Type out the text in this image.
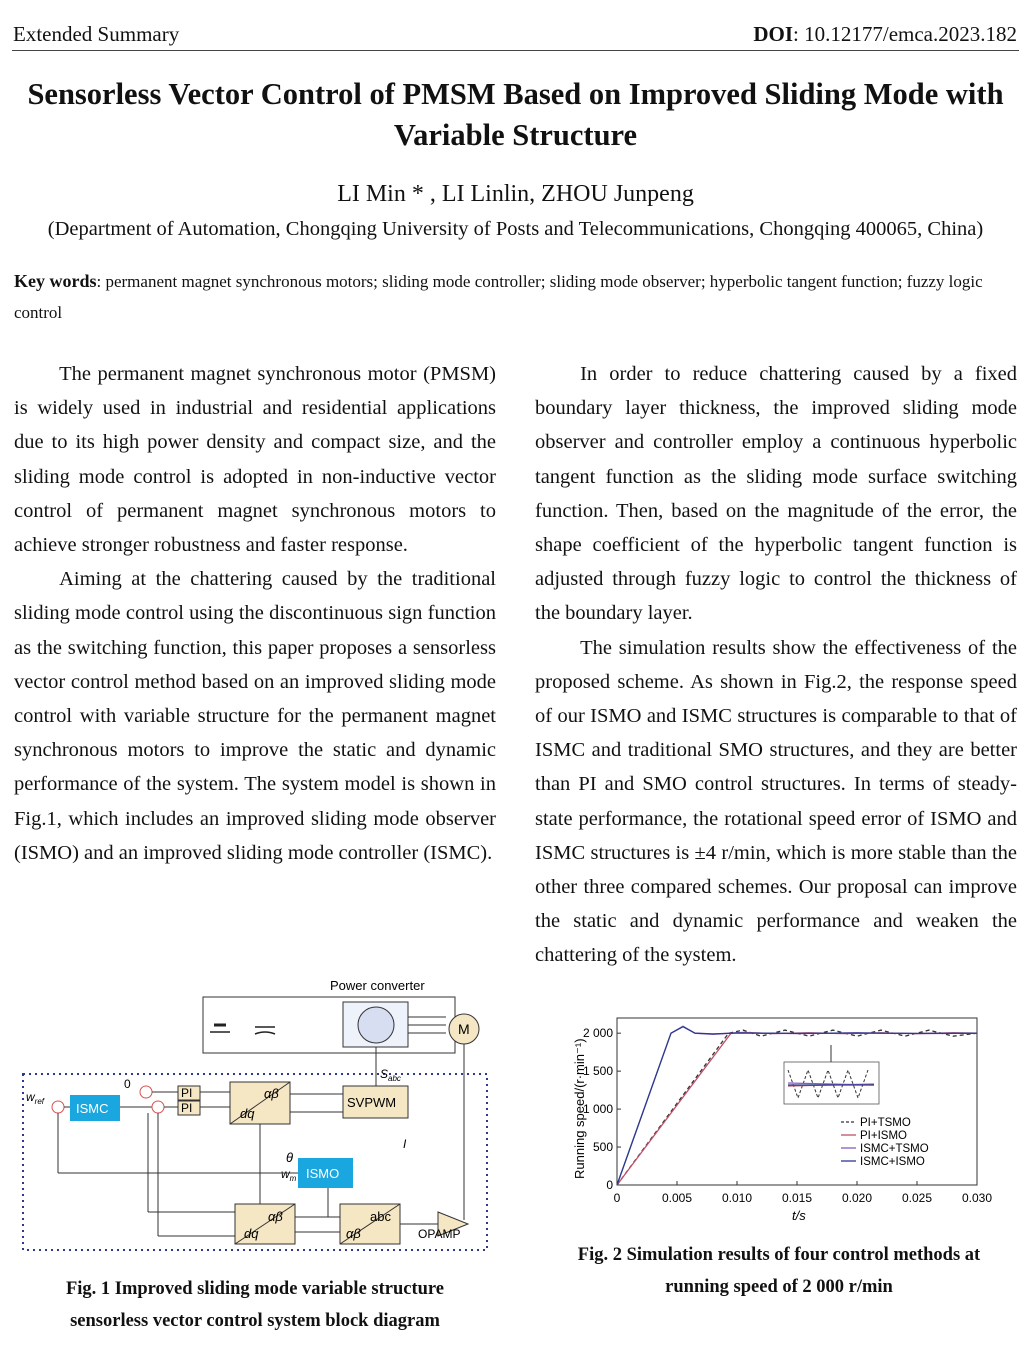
Extended Summary	DOI: 10.12177/emca.2023.182
Sensorless Vector Control of PMSM Based on Improved Sliding Mode with
Variable Structure
LI Min * , LI Linlin, ZHOU Junpeng
(Department of Automation, Chongqing University of Posts and Telecommunications, Chongqing 400065, China)
Key words: permanent magnet synchronous motors; sliding mode controller; sliding mode observer; hyperbolic tangent function; fuzzy logic control

The permanent magnet synchronous motor (PMSM) is widely used in industrial and residential applications due to its high power density and compact size, and the sliding mode control is adopted in non-inductive vector control of permanent magnet synchronous motors to achieve stronger robustness and faster response.

Aiming at the chattering caused by the traditional sliding mode control using the discontinuous sign function as the switching function, this paper proposes a sensorless vector control method based on an improved sliding mode control with variable structure for the permanent magnet synchronous motors to improve the static and dynamic performance of the system. The system model is shown in Fig.1, which includes an improved sliding mode observer (ISMO) and an improved sliding mode controller (ISMC).

In order to reduce chattering caused by a fixed boundary layer thickness, the improved sliding mode observer and controller employ a continuous hyperbolic tangent function as the sliding mode surface switching function. Then, based on the magnitude of the error, the shape coefficient of the hyperbolic tangent function is adjusted through fuzzy logic to control the thickness of the boundary layer.

The simulation results show the effectiveness of the proposed scheme. As shown in Fig.2, the response speed of our ISMO and ISMC structures is comparable to that of ISMC and traditional SMO structures, and they are better than PI and SMO control structures. In terms of steady-state performance, the rotational speed error of ISMO and ISMC structures is ±4 r/min, which is more stable than the other three compared schemes. Our proposal can improve the static and dynamic performance and weaken the chattering of the system.

Power converter
M
$w_{ref}$ ISMC
0
PI
PI
αβ
dq
SVPWM
$S_{abc}$
ISMO
θ
$w_m$
I
αβ
dq
abc
αβ	OPAMP
Fig. 1 Improved sliding mode variable structure
sensorless vector control system block diagram
0
500
1 000
1 500
2 000
0	0.005 0.010 0.015 0.020 0.025 0.030
PI+TSMO
PI+ISMO
ISMC+TSMO
ISMC+ISMO
Running speed/(r·min⁻¹)
t/s
Fig. 2 Simulation results of four control methods at
running speed of 2 000 r/min
